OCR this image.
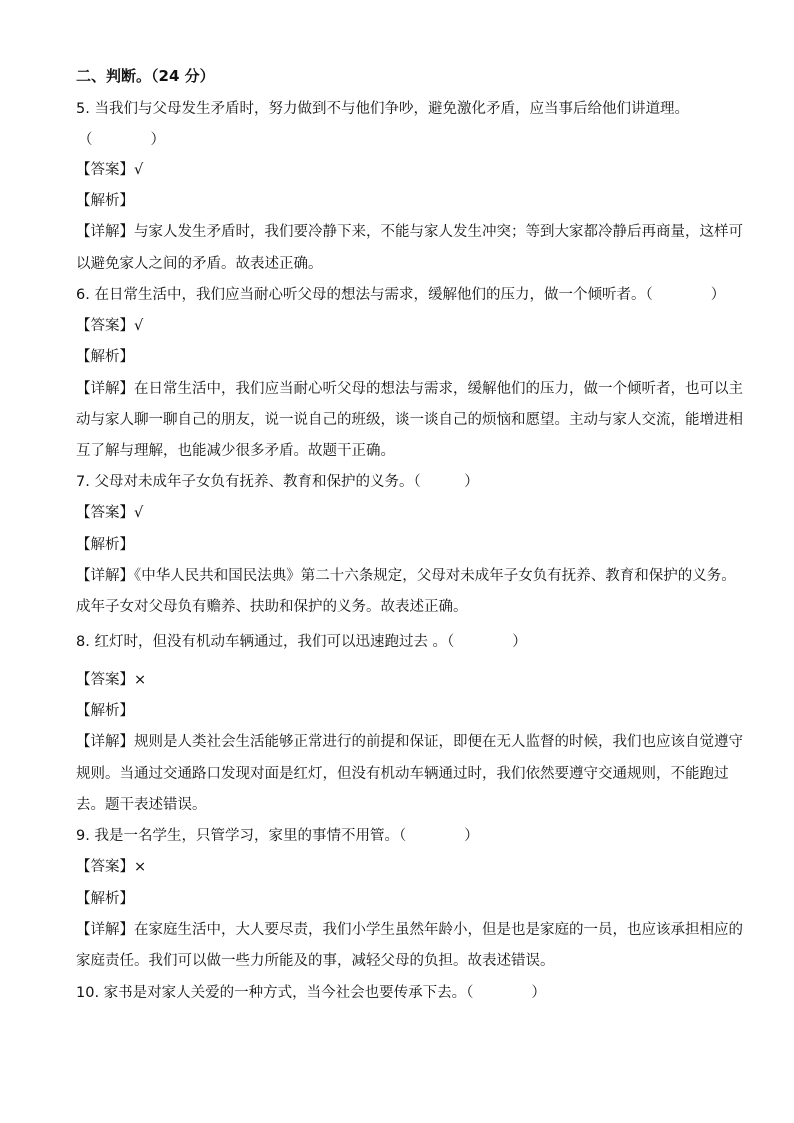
二、判断。（24 分）
5. 当我们与父母发生矛盾时，努力做到不与他们争吵，避免激化矛盾，应当事后给他们讲道理。
（　　　　）
【答案】√
【解析】
【详解】与家人发生矛盾时，我们要冷静下来，不能与家人发生冲突；等到大家都冷静后再商量，这样可
以避免家人之间的矛盾。故表述正确。
6. 在日常生活中，我们应当耐心听父母的想法与需求，缓解他们的压力，做一个倾听者。（　　　　）
【答案】√
【解析】
【详解】在日常生活中，我们应当耐心听父母的想法与需求，缓解他们的压力，做一个倾听者，也可以主
动与家人聊一聊自己的朋友，说一说自己的班级，谈一谈自己的烦恼和愿望。主动与家人交流，能增进相
互了解与理解，也能减少很多矛盾。故题干正确。
7. 父母对未成年子女负有抚养、教育和保护的义务。（　　　）
【答案】√
【解析】
【详解】《中华人民共和国民法典》第二十六条规定，父母对未成年子女负有抚养、教育和保护的义务。
成年子女对父母负有赡养、扶助和保护的义务。故表述正确。
8. 红灯时，但没有机动车辆通过，我们可以迅速跑过去 。（　　　　）
【答案】×
【解析】
【详解】规则是人类社会生活能够正常进行的前提和保证，即便在无人监督的时候，我们也应该自觉遵守
规则。当通过交通路口发现对面是红灯，但没有机动车辆通过时，我们依然要遵守交通规则，不能跑过
去。题干表述错误。
9. 我是一名学生，只管学习，家里的事情不用管。（　　　　）
【答案】×
【解析】
【详解】在家庭生活中，大人要尽责，我们小学生虽然年龄小，但是也是家庭的一员，也应该承担相应的
家庭责任。我们可以做一些力所能及的事，减轻父母的负担。故表述错误。
10. 家书是对家人关爱的一种方式，当今社会也要传承下去。（　　　　）
